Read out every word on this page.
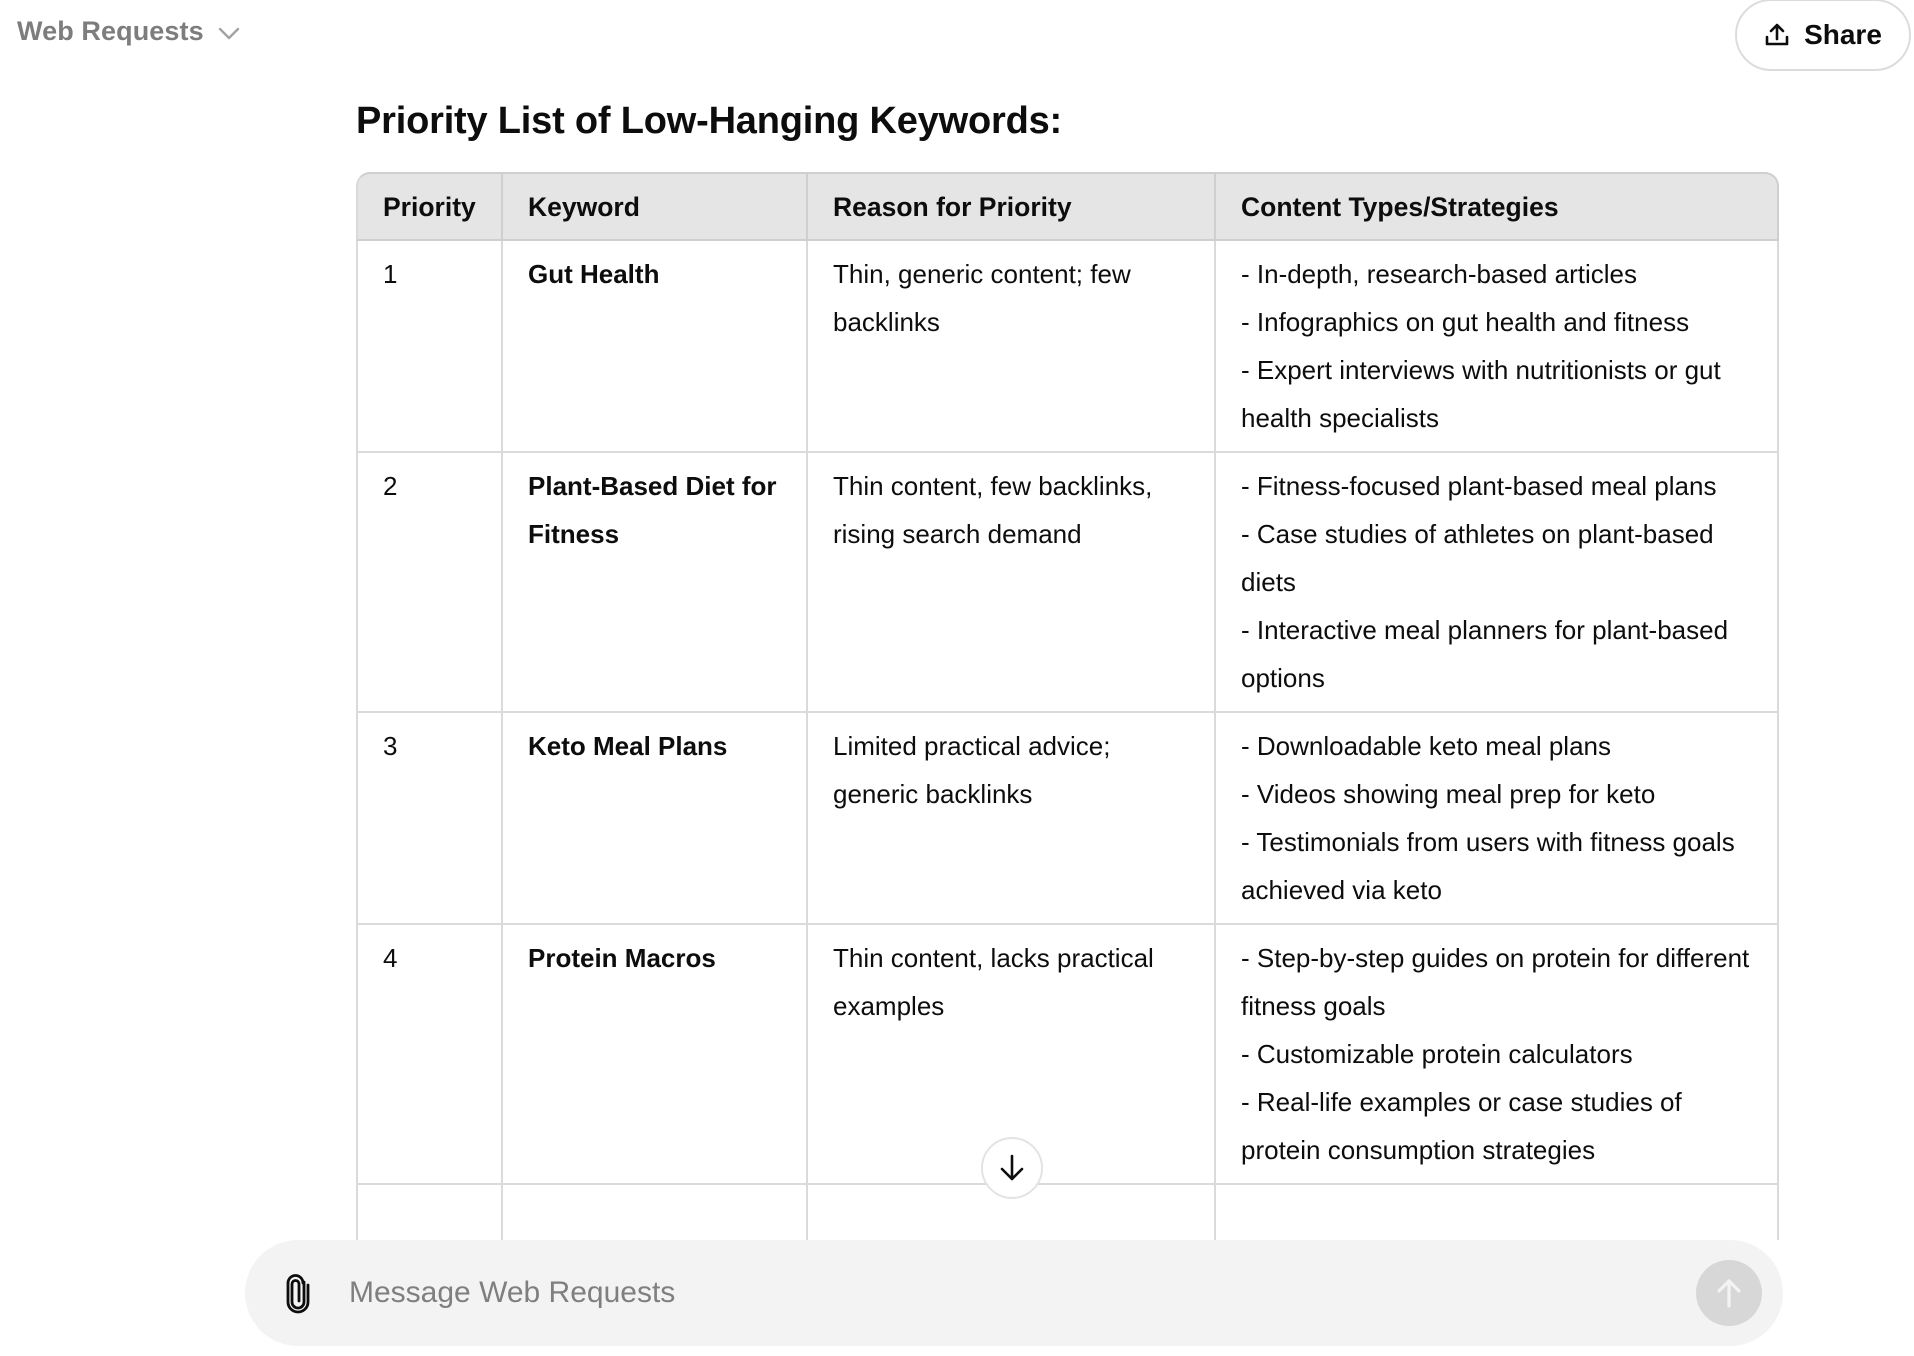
Web Requests	Share
Priority List of Low-Hanging Keywords:
Priority	Keyword	Reason for Priority	Content Types/Strategies
1	Gut Health	Thin, generic content; few backlinks	- In-depth, research-based articles
- Infographics on gut health and fitness
- Expert interviews with nutritionists or gut health specialists

2	Plant-Based Diet for Fitness	Thin content, few backlinks, rising search demand	- Fitness-focused plant-based meal plans
- Case studies of athletes on plant-based diets
- Interactive meal planners for plant-based options

3	Keto Meal Plans	Limited practical advice; generic backlinks	- Downloadable keto meal plans
- Videos showing meal prep for keto
- Testimonials from users with fitness goals achieved via keto

4	Protein Macros	Thin content, lacks practical examples	- Step-by-step guides on protein for different fitness goals
- Customizable protein calculators
- Real-life examples or case studies of protein consumption strategies

Message Web Requests
